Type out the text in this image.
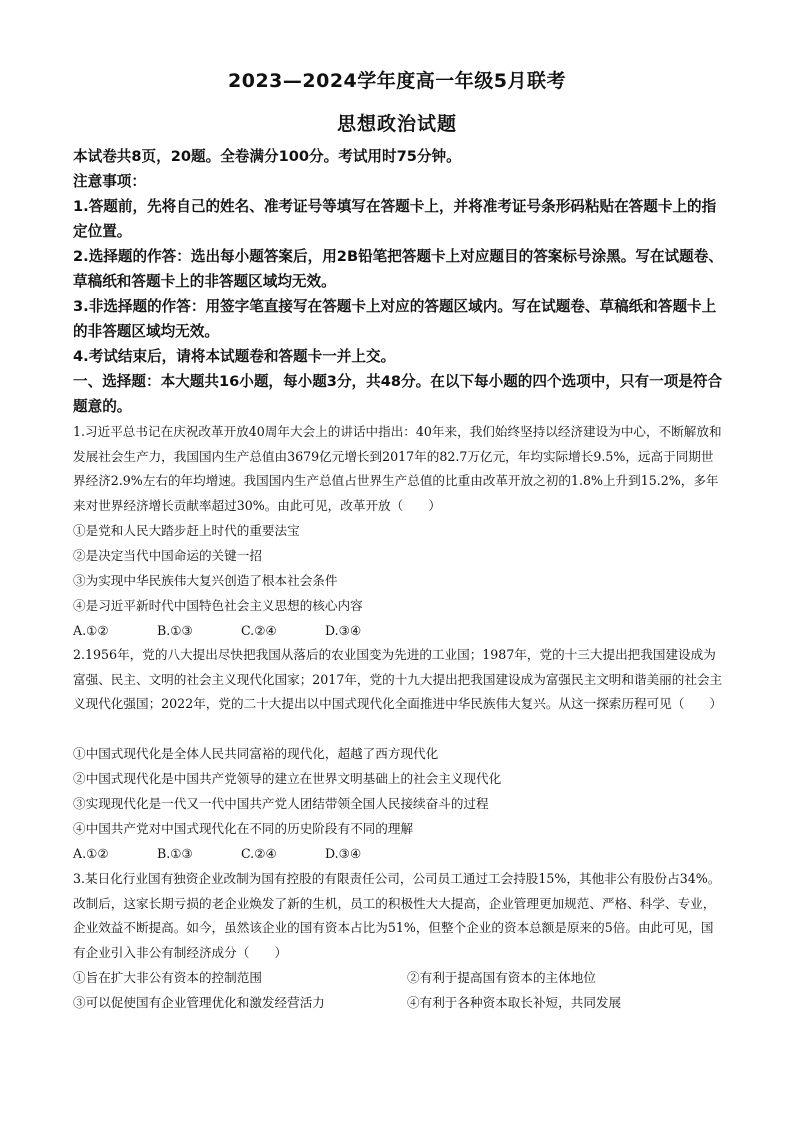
2023—2024学年度高一年级5月联考
思想政治试题
本试卷共8页，20题。全卷满分100分。考试用时75分钟。
注意事项：
1.答题前，先将自己的姓名、准考证号等填写在答题卡上，并将准考证号条形码粘贴在答题卡上的指定位置。
2.选择题的作答：选出每小题答案后，用2B铅笔把答题卡上对应题目的答案标号涂黑。写在试题卷、草稿纸和答题卡上的非答题区域均无效。
3.非选择题的作答：用签字笔直接写在答题卡上对应的答题区域内。写在试题卷、草稿纸和答题卡上的非答题区域均无效。
4.考试结束后，请将本试题卷和答题卡一并上交。
一、选择题：本大题共16小题，每小题3分，共48分。在以下每小题的四个选项中，只有一项是符合题意的。
1.习近平总书记在庆祝改革开放40周年大会上的讲话中指出：40年来，我们始终坚持以经济建设为中心，不断解放和发展社会生产力，我国国内生产总值由3679亿元增长到2017年的82.7万亿元，年均实际增长9.5%，远高于同期世界经济2.9%左右的年均增速。我国国内生产总值占世界生产总值的比重由改革开放之初的1.8%上升到15.2%，多年来对世界经济增长贡献率超过30%。由此可见，改革开放（　　）
①是党和人民大踏步赶上时代的重要法宝
②是决定当代中国命运的关键一招
③为实现中华民族伟大复兴创造了根本社会条件
④是习近平新时代中国特色社会主义思想的核心内容
A.①②	B.①③	C.②④	D.③④
2.1956年，党的八大提出尽快把我国从落后的农业国变为先进的工业国；1987年，党的十三大提出把我国建设成为富强、民主、文明的社会主义现代化国家；2017年，党的十九大提出把我国建设成为富强民主文明和谐美丽的社会主义现代化强国；2022年，党的二十大提出以中国式现代化全面推进中华民族伟大复兴。从这一探索历程可见（　　）
①中国式现代化是全体人民共同富裕的现代化，超越了西方现代化
②中国式现代化是中国共产党领导的建立在世界文明基础上的社会主义现代化
③实现现代化是一代又一代中国共产党人团结带领全国人民接续奋斗的过程
④中国共产党对中国式现代化在不同的历史阶段有不同的理解
A.①②	B.①③	C.②④	D.③④
3.某日化行业国有独资企业改制为国有控股的有限责任公司，公司员工通过工会持股15%，其他非公有股份占34%。改制后，这家长期亏损的老企业焕发了新的生机，员工的积极性大大提高，企业管理更加规范、严格、科学、专业，企业效益不断提高。如今，虽然该企业的国有资本占比为51%，但整个企业的资本总额是原来的5倍。由此可见，国有企业引入非公有制经济成分（　　）
①旨在扩大非公有资本的控制范围	②有利于提高国有资本的主体地位
③可以促使国有企业管理优化和激发经营活力	④有利于各种资本取长补短，共同发展
